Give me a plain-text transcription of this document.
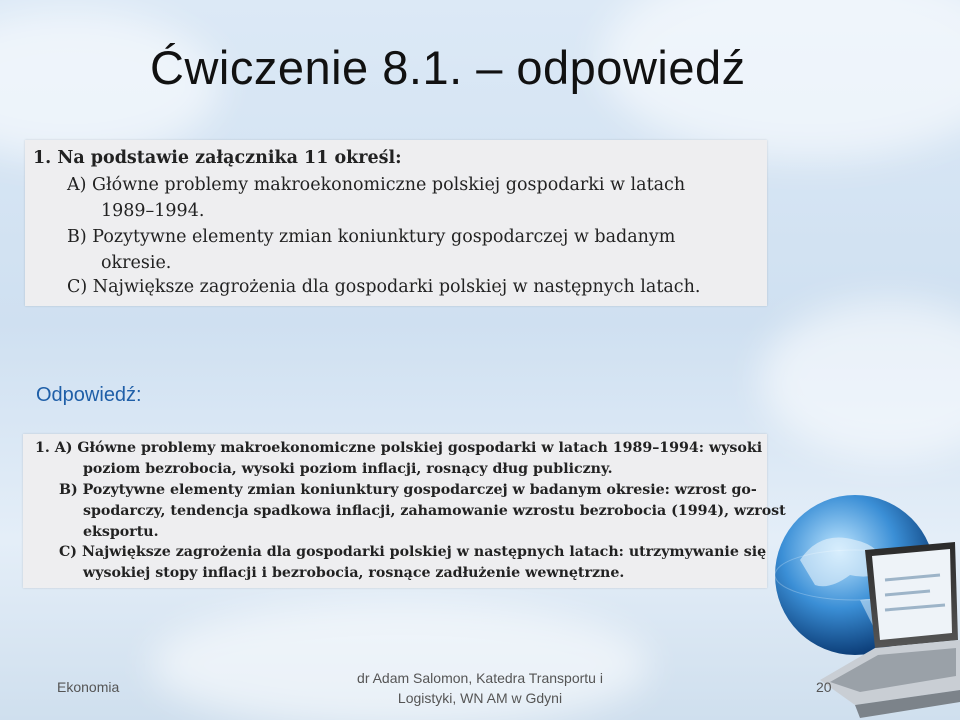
Ćwiczenie 8.1. – odpowiedź
1. Na podstawie załącznika 11 określ:
A) Główne problemy makroekonomiczne polskiej gospodarki w latach
1989–1994.
B) Pozytywne elementy zmian koniunktury gospodarczej w badanym
okresie.
C) Największe zagrożenia dla gospodarki polskiej w następnych latach.
Odpowiedź:
1. A) Główne problemy makroekonomiczne polskiej gospodarki w latach 1989–1994: wysoki
poziom bezrobocia, wysoki poziom inflacji, rosnący dług publiczny.
B) Pozytywne elementy zmian koniunktury gospodarczej w badanym okresie: wzrost go-
spodarczy, tendencja spadkowa inflacji, zahamowanie wzrostu bezrobocia (1994), wzrost
eksportu.
C) Największe zagrożenia dla gospodarki polskiej w następnych latach: utrzymywanie się
wysokiej stopy inflacji i bezrobocia, rosnące zadłużenie wewnętrzne.
Ekonomia
dr Adam Salomon, Katedra Transportu i
Logistyki, WN AM w Gdyni
20
